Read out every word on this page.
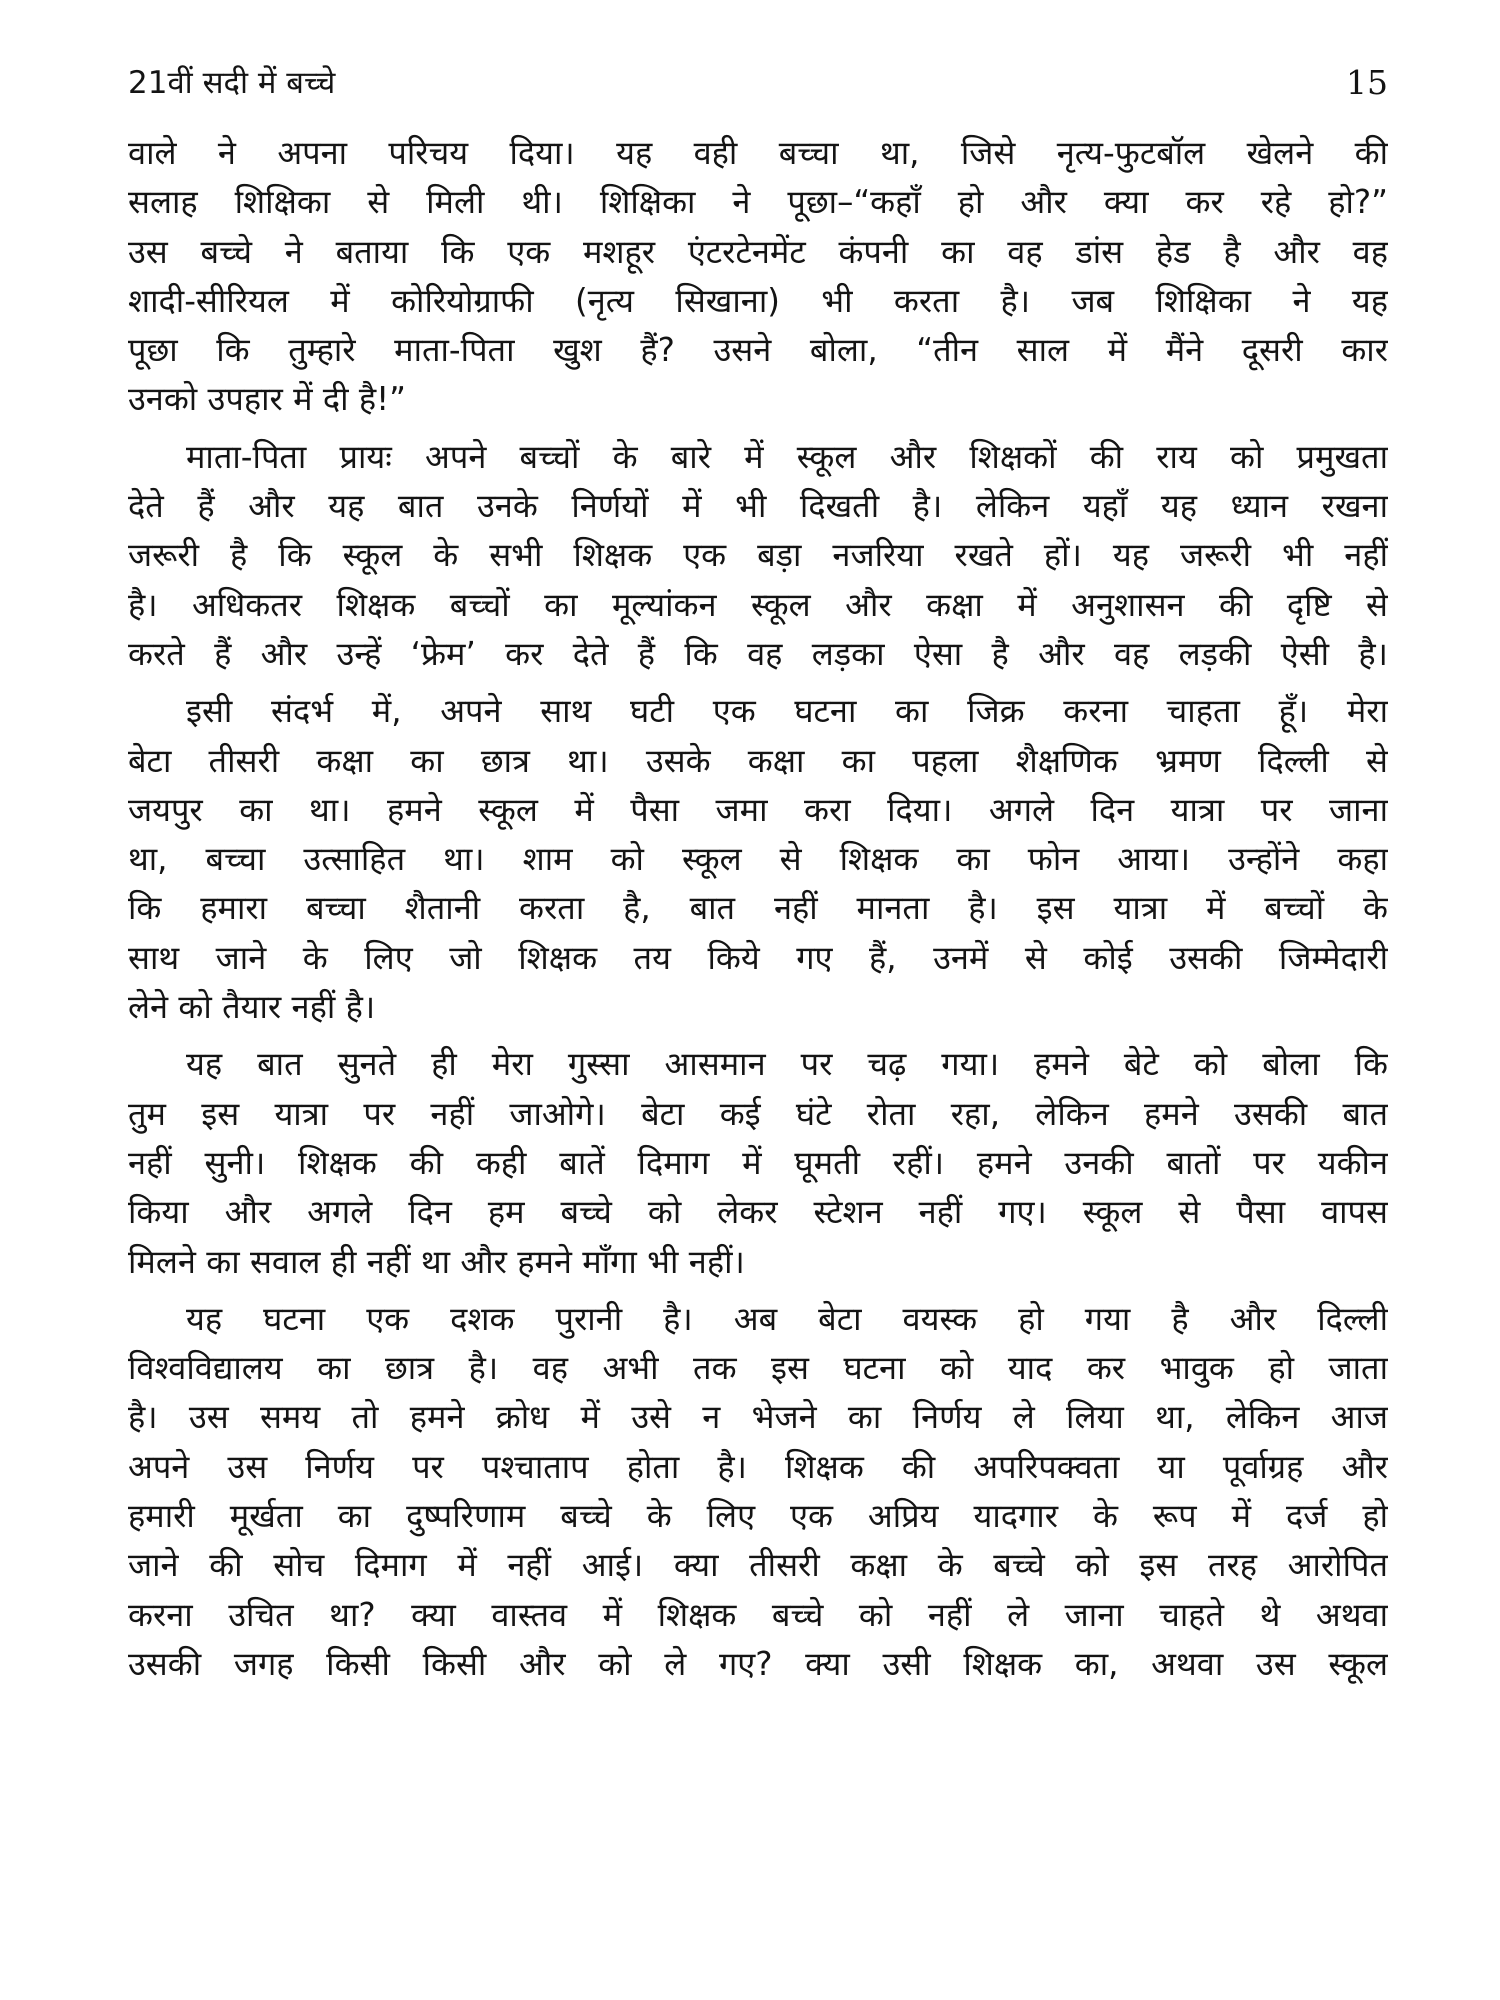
21वीं सदी में बच्चे	15
वाले ने अपना परिचय दिया। यह वही बच्चा था, जिसे नृत्य-फुटबॉल खेलने की
सलाह शिक्षिका से मिली थी। शिक्षिका ने पूछा–“कहाँ हो और क्या कर रहे हो?”
उस बच्चे ने बताया कि एक मशहूर एंटरटेनमेंट कंपनी का वह डांस हेड है और वह
शादी-सीरियल में कोरियोग्राफी (नृत्य सिखाना) भी करता है। जब शिक्षिका ने यह
पूछा कि तुम्हारे माता-पिता खुश हैं? उसने बोला, “तीन साल में मैंने दूसरी कार
उनको उपहार में दी है!”
माता-पिता प्रायः अपने बच्चों के बारे में स्कूल और शिक्षकों की राय को प्रमुखता
देते हैं और यह बात उनके निर्णयों में भी दिखती है। लेकिन यहाँ यह ध्यान रखना
जरूरी है कि स्कूल के सभी शिक्षक एक बड़ा नजरिया रखते हों। यह जरूरी भी नहीं
है। अधिकतर शिक्षक बच्चों का मूल्यांकन स्कूल और कक्षा में अनुशासन की दृष्टि से
करते हैं और उन्हें ‘फ्रेम’ कर देते हैं कि वह लड़का ऐसा है और वह लड़की ऐसी है।
इसी संदर्भ में, अपने साथ घटी एक घटना का जिक्र करना चाहता हूँ। मेरा
बेटा तीसरी कक्षा का छात्र था। उसके कक्षा का पहला शैक्षणिक भ्रमण दिल्ली से
जयपुर का था। हमने स्कूल में पैसा जमा करा दिया। अगले दिन यात्रा पर जाना
था, बच्चा उत्साहित था। शाम को स्कूल से शिक्षक का फोन आया। उन्होंने कहा
कि हमारा बच्चा शैतानी करता है, बात नहीं मानता है। इस यात्रा में बच्चों के
साथ जाने के लिए जो शिक्षक तय किये गए हैं, उनमें से कोई उसकी जिम्मेदारी
लेने को तैयार नहीं है।
यह बात सुनते ही मेरा गुस्सा आसमान पर चढ़ गया। हमने बेटे को बोला कि
तुम इस यात्रा पर नहीं जाओगे। बेटा कई घंटे रोता रहा, लेकिन हमने उसकी बात
नहीं सुनी। शिक्षक की कही बातें दिमाग में घूमती रहीं। हमने उनकी बातों पर यकीन
किया और अगले दिन हम बच्चे को लेकर स्टेशन नहीं गए। स्कूल से पैसा वापस
मिलने का सवाल ही नहीं था और हमने माँगा भी नहीं।
यह घटना एक दशक पुरानी है। अब बेटा वयस्क हो गया है और दिल्ली
विश्वविद्यालय का छात्र है। वह अभी तक इस घटना को याद कर भावुक हो जाता
है। उस समय तो हमने क्रोध में उसे न भेजने का निर्णय ले लिया था, लेकिन आज
अपने उस निर्णय पर पश्चाताप होता है। शिक्षक की अपरिपक्वता या पूर्वाग्रह और
हमारी मूर्खता का दुष्परिणाम बच्चे के लिए एक अप्रिय यादगार के रूप में दर्ज हो
जाने की सोच दिमाग में नहीं आई। क्या तीसरी कक्षा के बच्चे को इस तरह आरोपित
करना उचित था? क्या वास्तव में शिक्षक बच्चे को नहीं ले जाना चाहते थे अथवा
उसकी जगह किसी किसी और को ले गए? क्या उसी शिक्षक का, अथवा उस स्कूल
